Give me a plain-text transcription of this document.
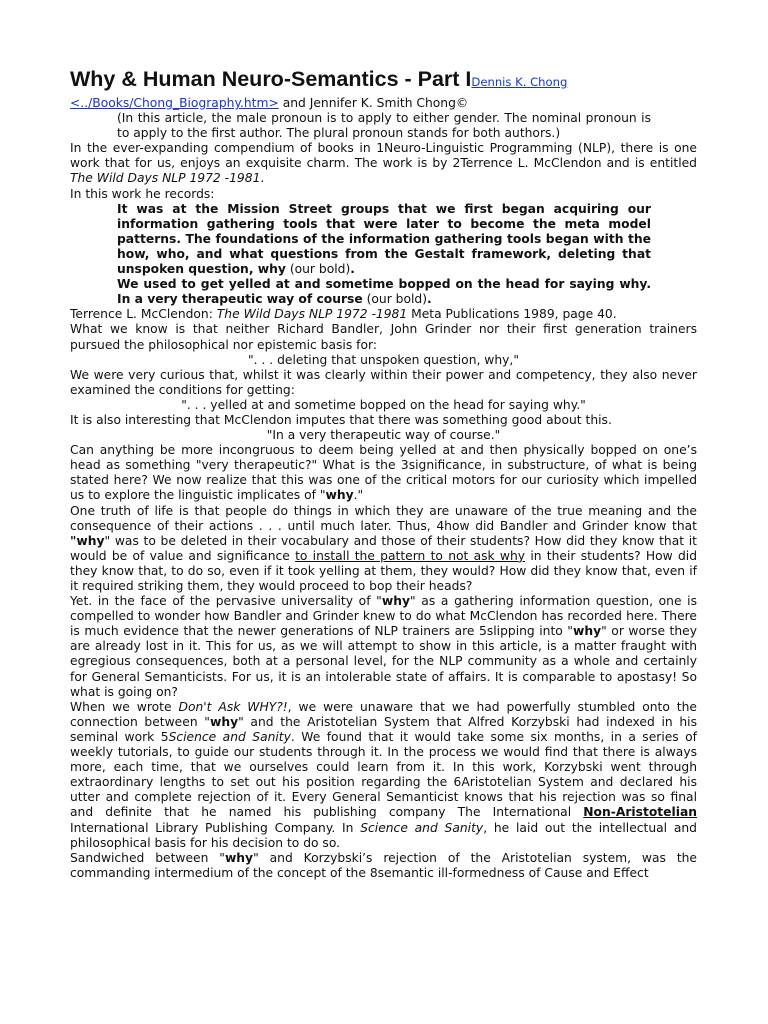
Why & Human Neuro-Semantics - Part IDennis K. Chong

<../Books/Chong_Biography.htm> and Jennifer K. Smith Chong©

(In this article, the male pronoun is to apply to either gender. The nominal pronoun is to apply to the first author. The plural pronoun stands for both authors.)

In the ever-expanding compendium of books in 1Neuro-Linguistic Programming (NLP), there is one work that for us, enjoys an exquisite charm. The work is by 2Terrence L. McClendon and is entitled The Wild Days NLP 1972 -1981.

In this work he records:

It was at the Mission Street groups that we first began acquiring our information gathering tools that were later to become the meta model patterns. The foundations of the information gathering tools began with the how, who, and what questions from the Gestalt framework, deleting that unspoken question, why (our bold).

We used to get yelled at and sometime bopped on the head for saying why. In a very therapeutic way of course (our bold).

Terrence L. McClendon: The Wild Days NLP 1972 -1981 Meta Publications 1989, page 40.

What we know is that neither Richard Bandler, John Grinder nor their first generation trainers pursued the philosophical nor epistemic basis for:

". . . deleting that unspoken question, why,"

We were very curious that, whilst it was clearly within their power and competency, they also never examined the conditions for getting:

". . . yelled at and sometime bopped on the head for saying why."

It is also interesting that McClendon imputes that there was something good about this.

"In a very therapeutic way of course."

Can anything be more incongruous to deem being yelled at and then physically bopped on one’s head as something "very therapeutic?" What is the 3significance, in substructure, of what is being stated here? We now realize that this was one of the critical motors for our curiosity which impelled us to explore the linguistic implicates of "why."

One truth of life is that people do things in which they are unaware of the true meaning and the consequence of their actions . . . until much later. Thus, 4how did Bandler and Grinder know that "why" was to be deleted in their vocabulary and those of their students? How did they know that it would be of value and significance to install the pattern to not ask why in their students? How did they know that, to do so, even if it took yelling at them, they would? How did they know that, even if it required striking them, they would proceed to bop their heads?

Yet. in the face of the pervasive universality of "why" as a gathering information question, one is compelled to wonder how Bandler and Grinder knew to do what McClendon has recorded here. There is much evidence that the newer generations of NLP trainers are 5slipping into "why" or worse they are already lost in it. This for us, as we will attempt to show in this article, is a matter fraught with egregious consequences, both at a personal level, for the NLP community as a whole and certainly for General Semanticists. For us, it is an intolerable state of affairs. It is comparable to apostasy! So what is going on?

When we wrote Don't Ask WHY?!, we were unaware that we had powerfully stumbled onto the connection between "why" and the Aristotelian System that Alfred Korzybski had indexed in his seminal work 5Science and Sanity. We found that it would take some six months, in a series of weekly tutorials, to guide our students through it. In the process we would find that there is always more, each time, that we ourselves could learn from it. In this work, Korzybski went through extraordinary lengths to set out his position regarding the 6Aristotelian System and declared his utter and complete rejection of it. Every General Semanticist knows that his rejection was so final and definite that he named his publishing company The International Non-Aristotelian International Library Publishing Company. In Science and Sanity, he laid out the intellectual and philosophical basis for his decision to do so.

Sandwiched between "why" and Korzybski’s rejection of the Aristotelian system, was the commanding intermedium of the concept of the 8semantic ill-formedness of Cause and Effect
